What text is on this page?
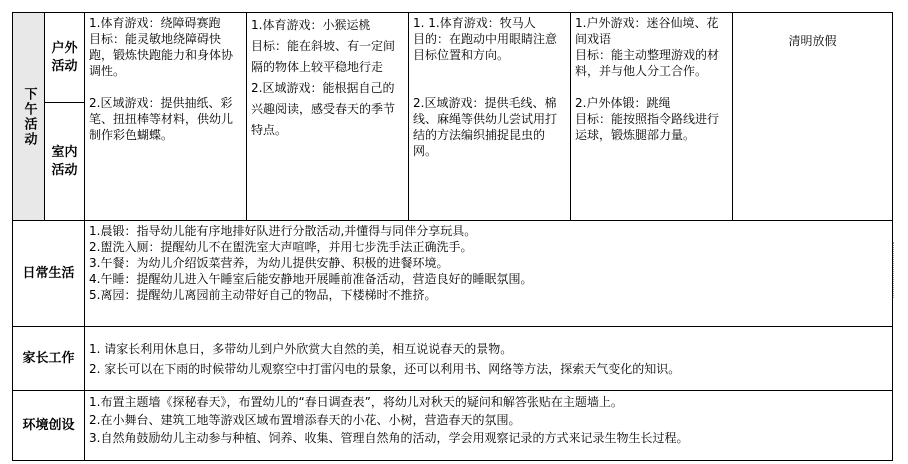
下午活动	户外活动	1.体育游戏：绕障碍赛跑
目标：能灵敏地绕障碍快跑，锻炼快跑能力和身体协调性。

2.区域游戏：提供抽纸、彩笔、扭扭棒等材料，供幼儿制作彩色蝴蝶。	1.体育游戏：小猴运桃
目标：能在斜坡、有一定间隔的物体上较平稳地行走
2.区域游戏：能根据自己的兴趣阅读，感受春天的季节特点。	1. 1.体育游戏：牧马人
目的：在跑动中用眼睛注意目标位置和方向。

2.区域游戏：提供毛线、棉线、麻绳等供幼儿尝试用打结的方法编织捕捉昆虫的网。	1.户外游戏：迷谷仙境、花间戏语
目标：能主动整理游戏的材料，并与他人分工合作。

2.户外体锻：跳绳
目标：能按照指令路线进行运球，锻炼腿部力量。	清明放假

	室内活动					

日常生活		1.晨锻：指导幼儿能有序地排好队进行分散活动,并懂得与同伴分享玩具。
2.盥洗入厕：提醒幼儿不在盥洗室大声喧哗，并用七步洗手法正确洗手。
3.午餐：为幼儿介绍饭菜营养，为幼儿提供安静、积极的进餐环境。
4.午睡：提醒幼儿进入午睡室后能安静地开展睡前准备活动，营造良好的睡眠氛围。
5.离园：提醒幼儿离园前主动带好自己的物品，下楼梯时不推挤。				

家长工作		1. 请家长利用休息日，多带幼儿到户外欣赏大自然的美，相互说说春天的景物。
2. 家长可以在下雨的时候带幼儿观察空中打雷闪电的景象，还可以利用书、网络等方法，探索天气变化的知识。				

环境创设		1.布置主题墙《探秘春天》，布置幼儿的“春日调查表”，将幼儿对秋天的疑问和解答张贴在主题墙上。
2.在小舞台、建筑工地等游戏区域布置增添春天的小花、小树，营造春天的氛围。
3.自然角鼓励幼儿主动参与种植、饲养、收集、管理自然角的活动，学会用观察记录的方式来记录生物生长过程。				
